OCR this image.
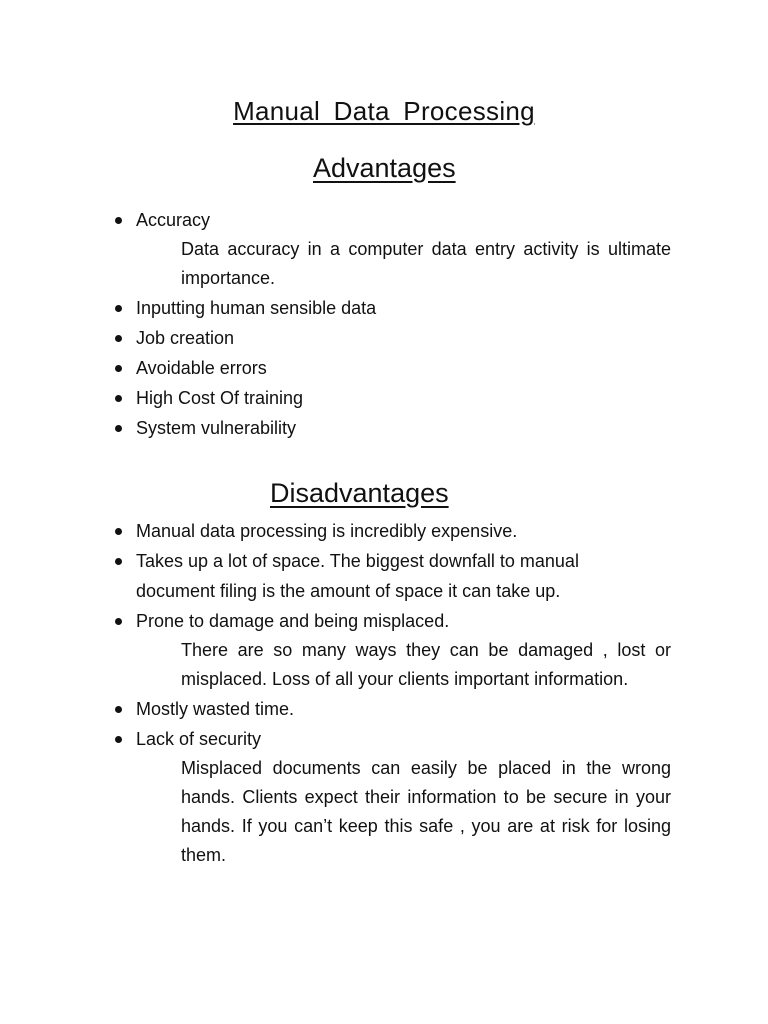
Manual Data Processing
Advantages
Accuracy
Data accuracy in a computer data entry activity is ultimate importance.
Inputting human sensible data
Job creation
Avoidable errors
High Cost Of training
System vulnerability
Disadvantages
Manual data processing is incredibly expensive.
Takes up a lot of space. The biggest downfall to manual document filing is the amount of space it can take up.
Prone to damage and being misplaced.
There are so many ways they can be damaged , lost or misplaced. Loss of all your clients important information.
Mostly wasted time.
Lack of security
Misplaced documents can easily be placed in the wrong hands. Clients expect their information to be secure in your hands. If you can’t keep this safe , you are at risk for losing them.
